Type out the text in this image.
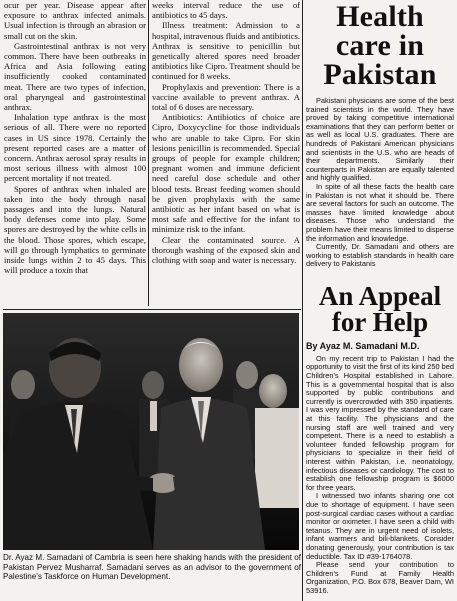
ocur per year. Disease appear after exposure to anthrax infected animals. Usual infection is through an abrasion or small cut on the skin.

Gastrointestinal anthrax is not very common. There have been outbreaks in Africa and Asia following eating insufficiently cooked contaminated meat. There are two types of infection, oral pharyngeal and gastrointestinal anthrax.

Inhalation type anthrax is the most serious of all. There were no reported cases in US since 1978. Certainly the present reported cases are a matter of concern. Anthrax aerosol spray results in most serious illness with almost 100 percent mortality if not treated.

Spores of anthrax when inhaled are taken into the body through nasal passages and into the lungs. Natural body defenses come into play. Some spores are destroyed by the white cells in the blood. Those spores, which escape, will go through lymphatics to germinate inside lungs within 2 to 45 days. This will produce a toxin that

weeks interval reduce the use of antibiotics to 45 days.

Illness treatment: Admission to a hospital, intravenous fluids and antibiotics. Anthrax is sensitive to penicillin but genetically altered spores need broader antibiotics like Cipro. Treatment should be continued for 8 weeks.

Prophylaxis and prevention: There is a vaccine available to prevent anthrax. A total of 6 doses are necessary.

Antibiotics: Antibiotics of choice are Cipro, Doxycycline for those individuals who are unable to take Cipro. For skin lesions penicillin is recommended. Special groups of people for example children; pregnant women and immune deficient need careful dose schedule and other blood tests. Breast feeding women should be given prophylaxis with the same antibiotic as her infant based on what is most safe and effective for the infant to minimize risk to the infant.

Clear the contaminated source. A thorough washing of the exposed skin and clothing with soap and water is necessary.

Health care in Pakistan

Pakistani physicians are some of the best trained scientists in the world. They have proved by taking competitive international examinations that they can perform better or as well as local U.S. graduates. There are hundreds of Pakistani American physicians and scientists in the U.S. who are heads of their departments. Similarly their counterparts in Pakistan are equally talented and highly qualified.

In spite of all these facts the health care in Pakistan is not what it should be. There are several factors for such an outcome. The masses have limited knowledge about diseases. Those who understand the problem have their means limited to disperse the information and knowledge.

Currently, Dr. Samadani and others are working to establish standards in health care delivery to Pakistanis

An Appeal for Help
By Ayaz M. Samadani M.D.

On my recent trip to Pakistan I had the opportunity to visit the first of its kind 250 bed Children's Hospital established in Lahore. This is a governmental hospital that is also supported by public contributions and currently is overcrowded with 350 inpatients. I was very impressed by the standard of care at this facility. The physicians and the nursing staff are well trained and very competent. There is a need to establish a volunteer funded fellowship program for physicians to specialize in their field of interest within Pakistan, i.e. neonatology, infectious diseases or cardiology. The cost to establish one fellowship program is $6000 for three years.

I witnessed two infants sharing one cot due to shortage of equipment. I have seen post-surgical cardiac cases without a cardiac monitor or oximeter. I have seen a child with tetanus. They are in urgent need of isolets, infant warmers and bili-blankets. Consider donating generously, your contribution is tax deductible. Tax ID #39-1764078.

Please send your contribution to Children's Fund at Family Health Organization, P.O. Box 678, Beaver Dam, WI 53916.

Dr. Ayaz M. Samadani of Cambria is seen here shaking hands with the president of Pakistan Pervez Musharraf. Samadani serves as an advisor to the government of Palestine's Taskforce on Human Development.
